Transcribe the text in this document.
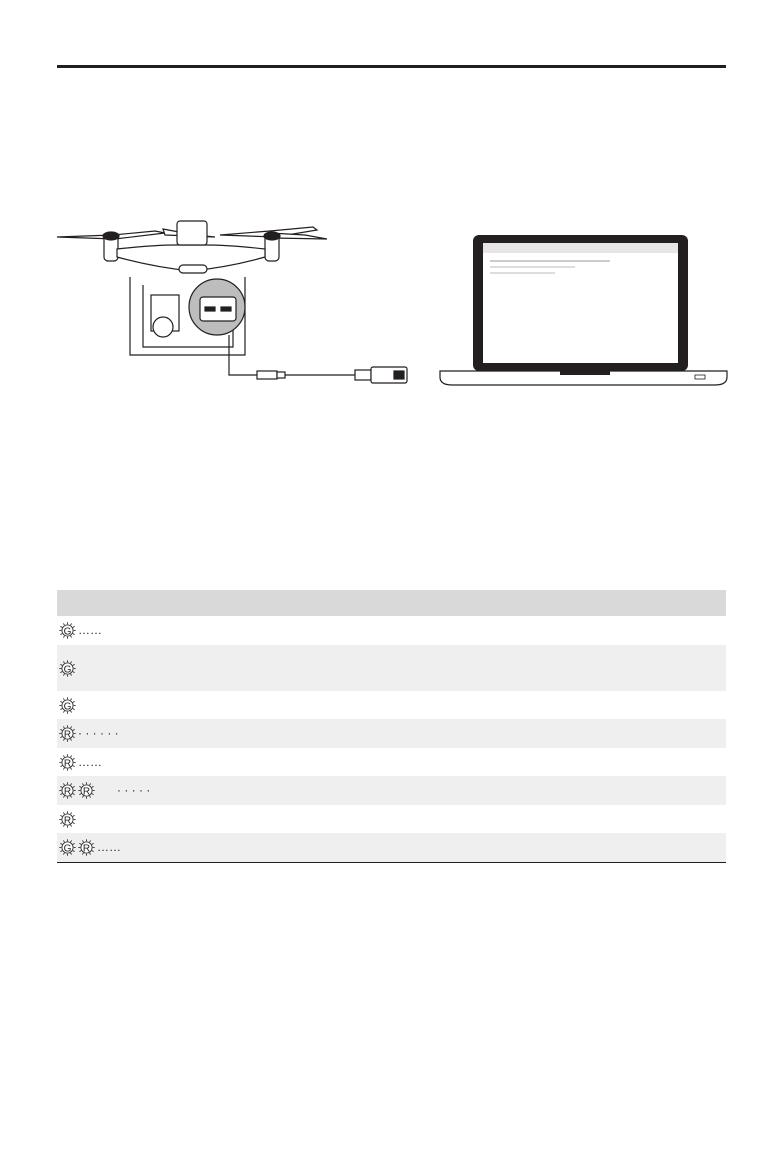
G ……	

G	

G	

R · · · · · ·	

R ……	

R R · · · · ·	

R	

G R ……	
